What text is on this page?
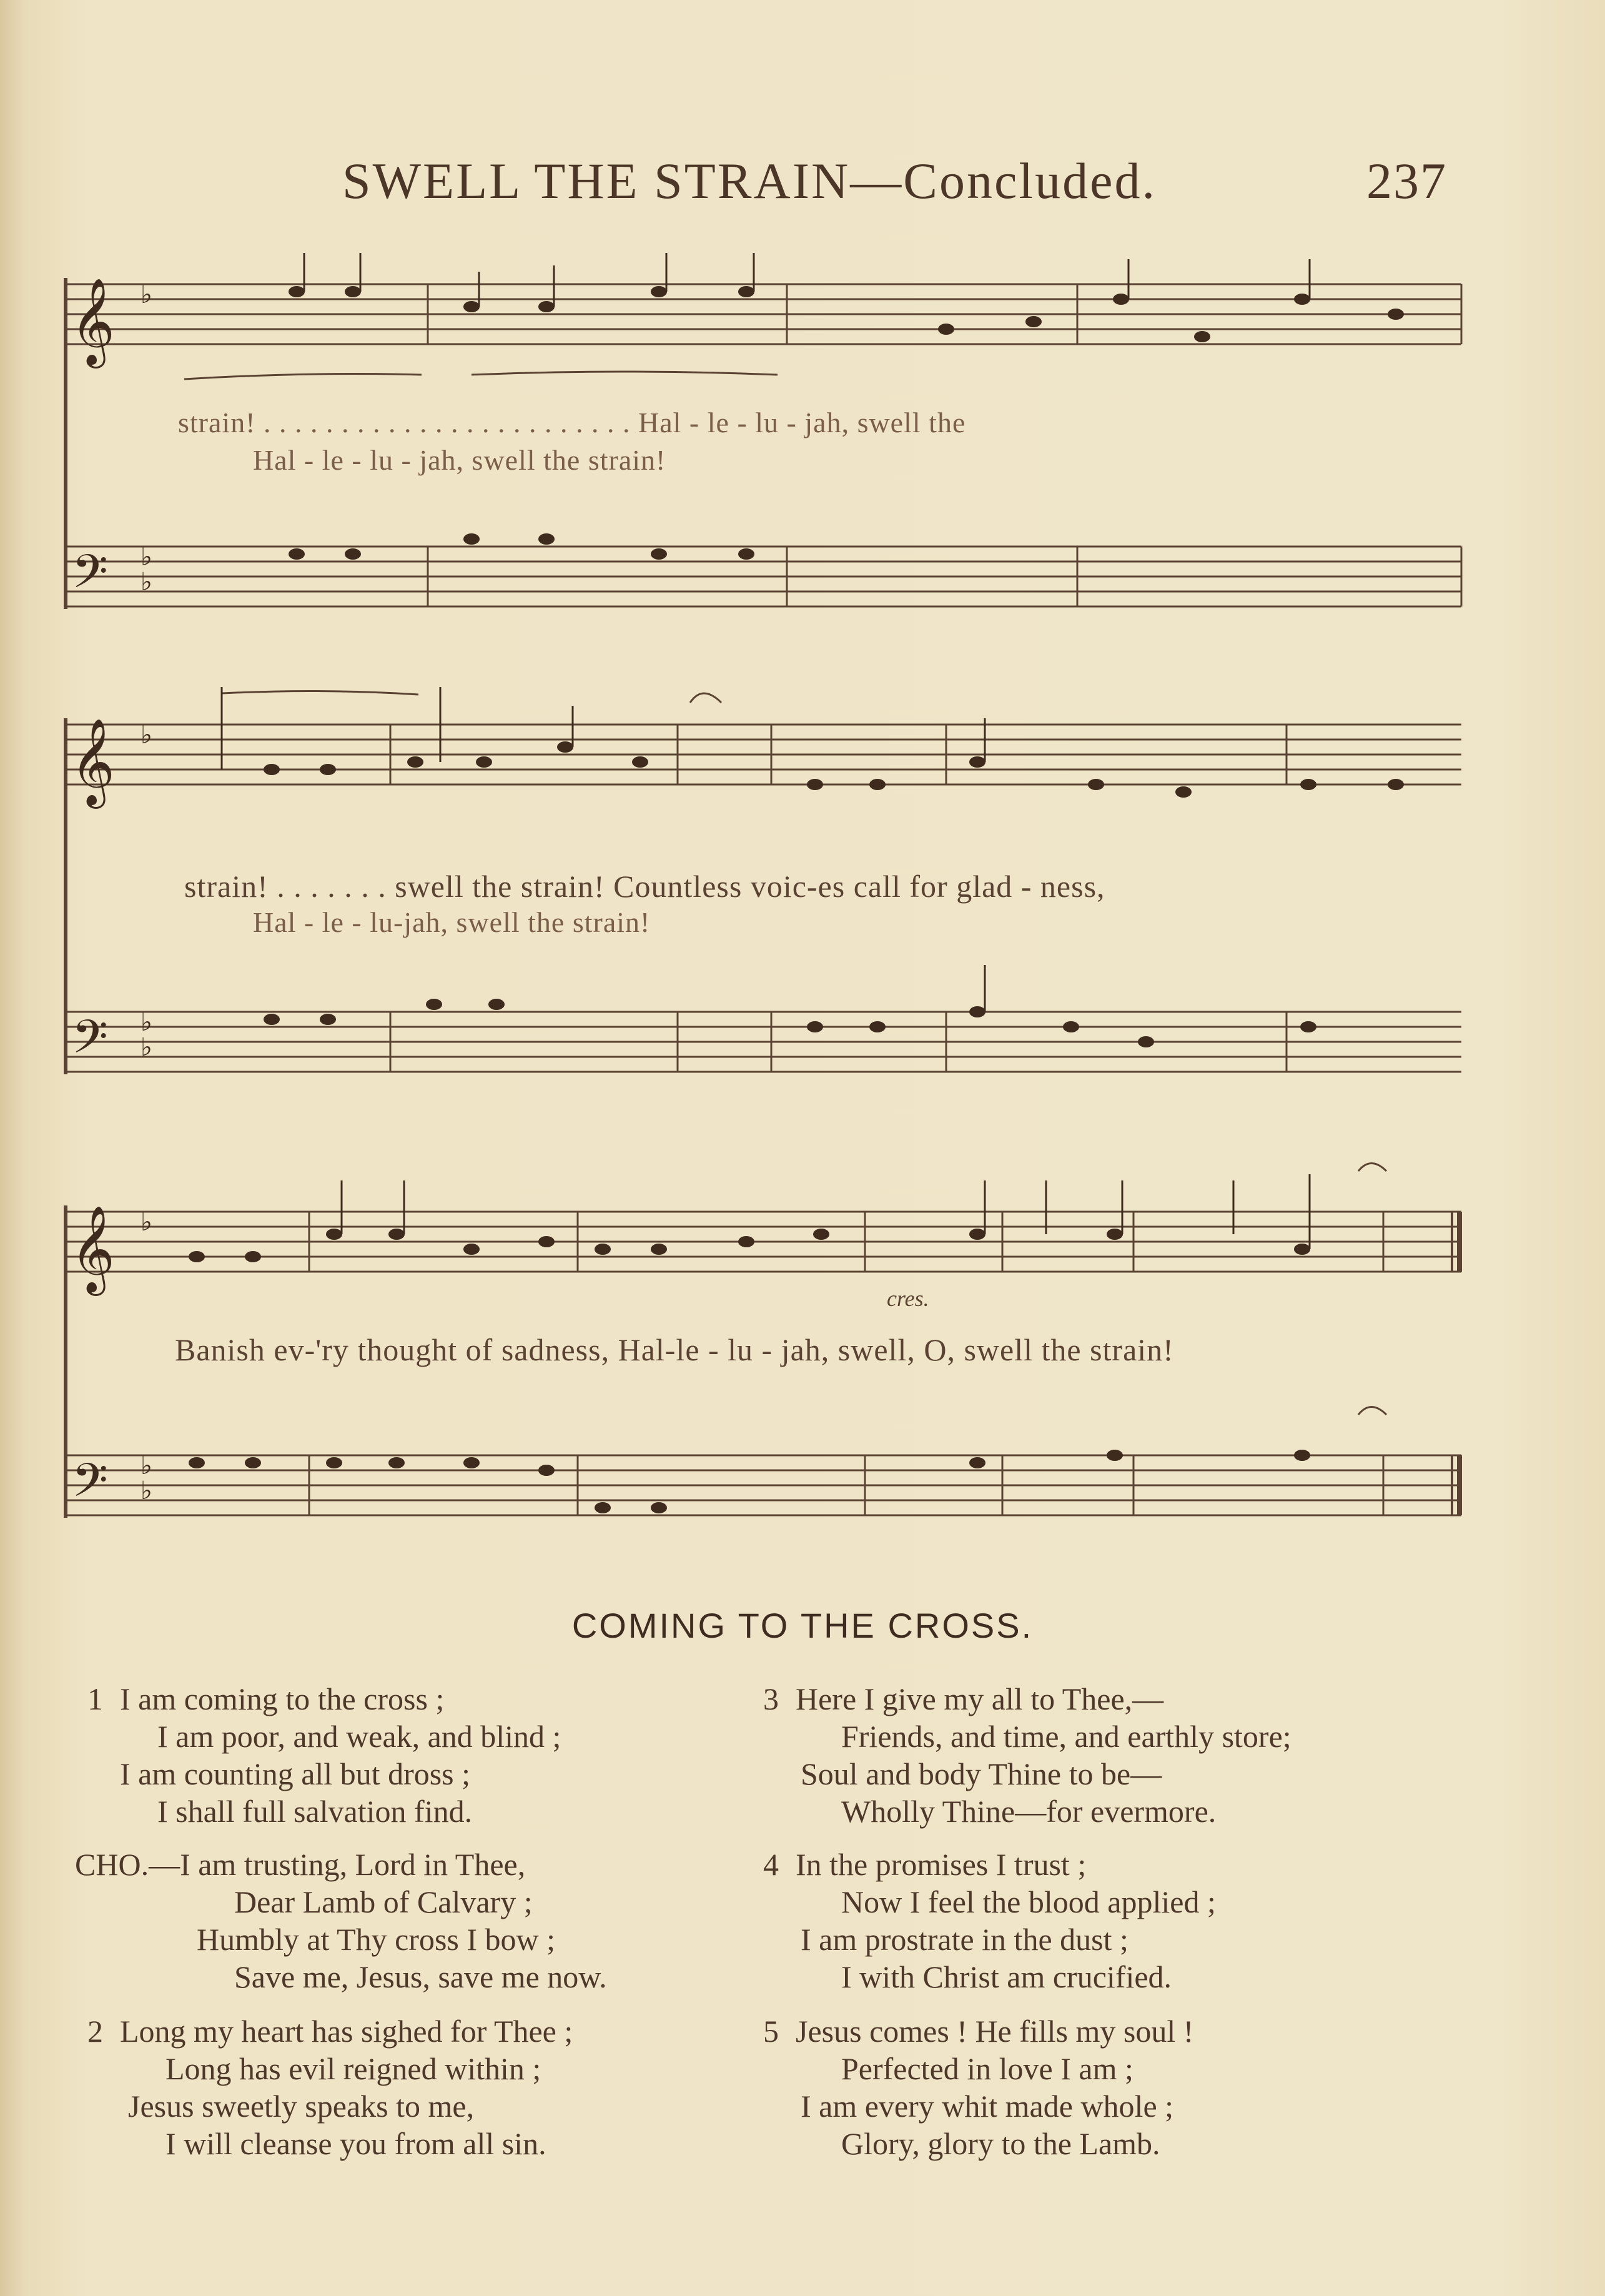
SWELL THE STRAIN—Concluded.	237
𝄞
𝄢
♭
♭
♭
strain! . . . . . . . . . . . . . . . . . . . . . . . . Hal - le - lu - jah, swell the
Hal - le - lu - jah, swell the strain!
𝄞
𝄢
♭
♭
♭
strain! . . . . . . . swell the strain! Countless voic-es call for glad - ness,
Hal - le - lu-jah, swell the strain!
𝄞
𝄢
♭
♭
♭
cres.
Banish ev-'ry thought of sadness, Hal-le - lu - jah, swell, O, swell the strain!
COMING TO THE CROSS.
1 I am coming to the cross ;
I am poor, and weak, and blind ;
I am counting all but dross ;
I shall full salvation find.
CHO.—I am trusting, Lord in Thee,
Dear Lamb of Calvary ;
Humbly at Thy cross I bow ;
Save me, Jesus, save me now.
2 Long my heart has sighed for Thee ;
Long has evil reigned within ;
Jesus sweetly speaks to me,
I will cleanse you from all sin.
3 Here I give my all to Thee,—
Friends, and time, and earthly store;
Soul and body Thine to be—
Wholly Thine—for evermore.
4 In the promises I trust ;
Now I feel the blood applied ;
I am prostrate in the dust ;
I with Christ am crucified.
5 Jesus comes ! He fills my soul !
Perfected in love I am ;
I am every whit made whole ;
Glory, glory to the Lamb.
